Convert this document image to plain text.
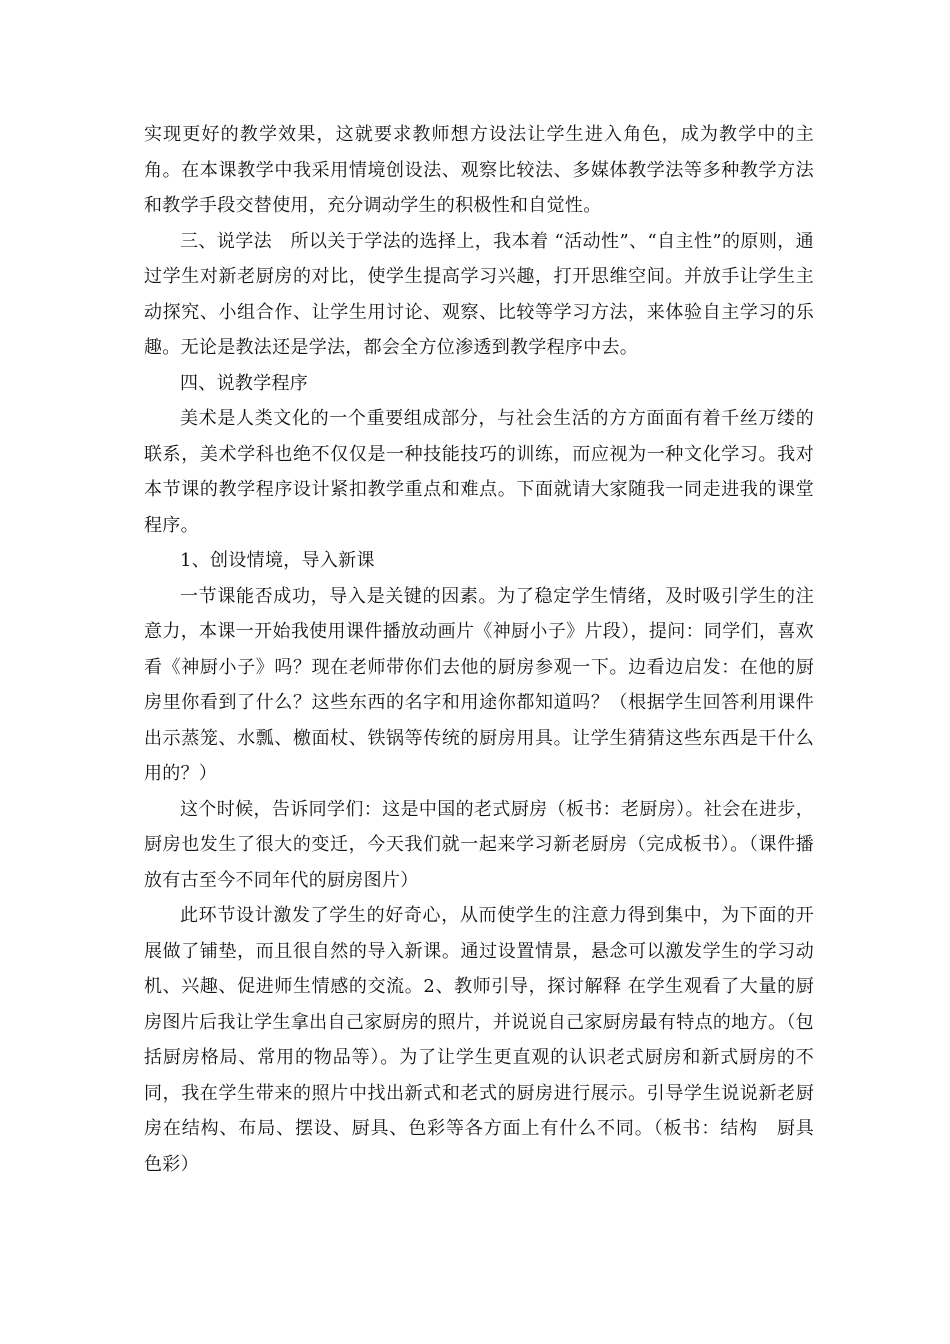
实现更好的教学效果，这就要求教师想方设法让学生进入角色，成为教学中的主角。在本课教学中我采用情境创设法、观察比较法、多媒体教学法等多种教学方法和教学手段交替使用，充分调动学生的积极性和自觉性。

三、说学法　所以关于学法的选择上，我本着 “活动性”、“自主性”的原则，通过学生对新老厨房的对比，使学生提高学习兴趣，打开思维空间。并放手让学生主动探究、小组合作、让学生用讨论、观察、比较等学习方法，来体验自主学习的乐趣。无论是教法还是学法，都会全方位渗透到教学程序中去。

四、说教学程序

美术是人类文化的一个重要组成部分，与社会生活的方方面面有着千丝万缕的联系，美术学科也绝不仅仅是一种技能技巧的训练，而应视为一种文化学习。我对本节课的教学程序设计紧扣教学重点和难点。下面就请大家随我一同走进我的课堂程序。

1、创设情境，导入新课

一节课能否成功，导入是关键的因素。为了稳定学生情绪，及时吸引学生的注意力，本课一开始我使用课件播放动画片《神厨小子》片段），提问：同学们，喜欢看《神厨小子》吗？现在老师带你们去他的厨房参观一下。边看边启发：在他的厨房里你看到了什么？这些东西的名字和用途你都知道吗？（根据学生回答利用课件出示蒸笼、水瓢、檄面杖、铁锅等传统的厨房用具。让学生猜猜这些东西是干什么用的？）

这个时候，告诉同学们：这是中国的老式厨房（板书：老厨房）。社会在进步，厨房也发生了很大的变迁，今天我们就一起来学习新老厨房（完成板书）。（课件播放有古至今不同年代的厨房图片）

此环节设计激发了学生的好奇心，从而使学生的注意力得到集中，为下面的开展做了铺垫，而且很自然的导入新课。通过设置情景，悬念可以激发学生的学习动机、兴趣、促进师生情感的交流。2、教师引导，探讨解释 在学生观看了大量的厨房图片后我让学生拿出自己家厨房的照片，并说说自己家厨房最有特点的地方。（包括厨房格局、常用的物品等）。为了让学生更直观的认识老式厨房和新式厨房的不同，我在学生带来的照片中找出新式和老式的厨房进行展示。引导学生说说新老厨房在结构、布局、摆设、厨具、色彩等各方面上有什么不同。（板书：结构　厨具　色彩）
